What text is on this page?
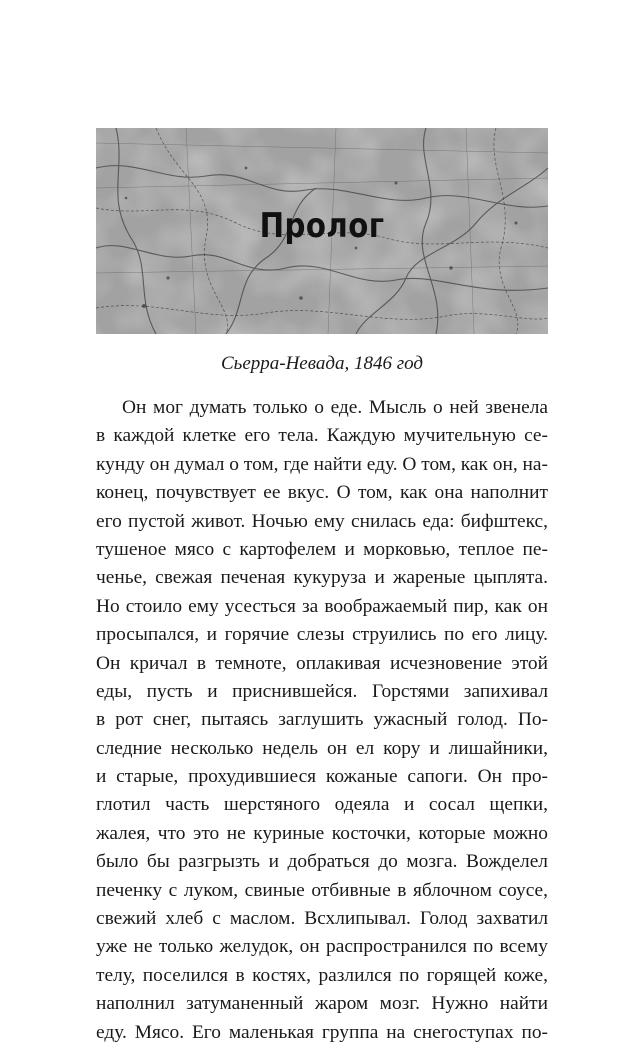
Пролог
Сьерра-Невада, 1846 год
Он мог думать только о еде. Мысль о ней звенела
в каждой клетке его тела. Каждую мучительную се-
кунду он думал о том, где найти еду. О том, как он, на-
конец, почувствует ее вкус. О том, как она наполнит
его пустой живот. Ночью ему снилась еда: бифштекс,
тушеное мясо с картофелем и морковью, теплое пе-
ченье, свежая печеная кукуруза и жареные цыплята.
Но стоило ему усесться за воображаемый пир, как он
просыпался, и горячие слезы струились по его лицу.
Он кричал в темноте, оплакивая исчезновение этой
еды, пусть и приснившейся. Горстями запихивал
в рот снег, пытаясь заглушить ужасный голод. По-
следние несколько недель он ел кору и лишайники,
и старые, прохудившиеся кожаные сапоги. Он про-
глотил часть шерстяного одеяла и сосал щепки,
жалея, что это не куриные косточки, которые можно
было бы разгрызть и добраться до мозга. Вожделел
печенку с луком, свиные отбивные в яблочном соусе,
свежий хлеб с маслом. Всхлипывал. Голод захватил
уже не только желудок, он распространился по всему
телу, поселился в костях, разлился по горящей коже,
наполнил затуманенный жаром мозг. Нужно найти
еду. Мясо. Его маленькая группа на снегоступах по-
